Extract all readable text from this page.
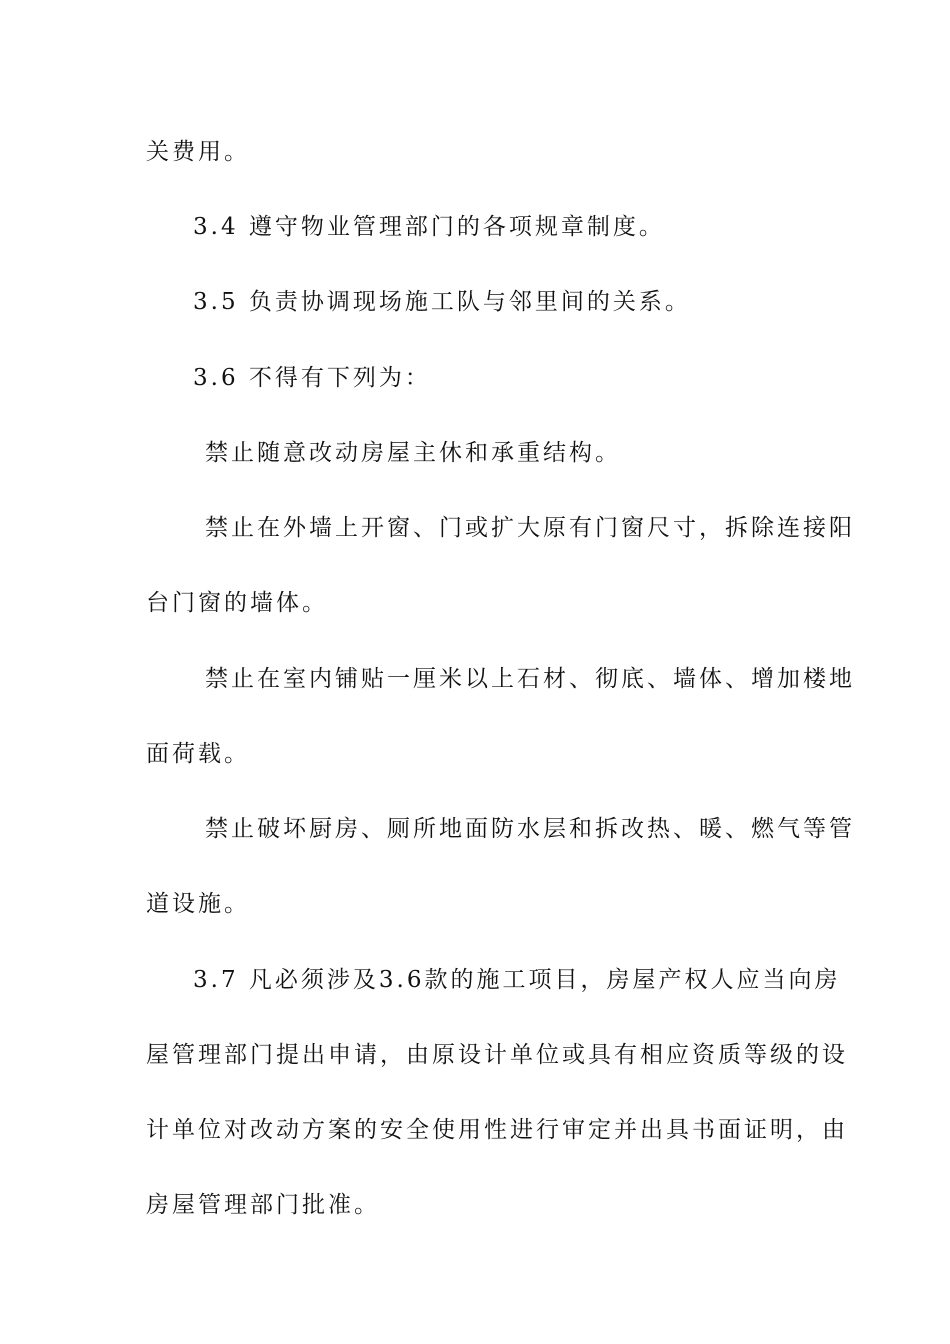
关费用。

3.4 遵守物业管理部门的各项规章制度。

3.5 负责协调现场施工队与邻里间的关系。

3.6 不得有下列为：

禁止随意改动房屋主休和承重结构。

禁止在外墙上开窗、门或扩大原有门窗尺寸，拆除连接阳

台门窗的墙体。

禁止在室内铺贴一厘米以上石材、彻底、墙体、增加楼地

面荷载。

禁止破坏厨房、厕所地面防水层和拆改热、暖、燃气等管

道设施。

3.7 凡必须涉及3.6款的施工项目，房屋产权人应当向房

屋管理部门提出申请，由原设计单位或具有相应资质等级的设

计单位对改动方案的安全使用性进行审定并出具书面证明，由

房屋管理部门批准。
